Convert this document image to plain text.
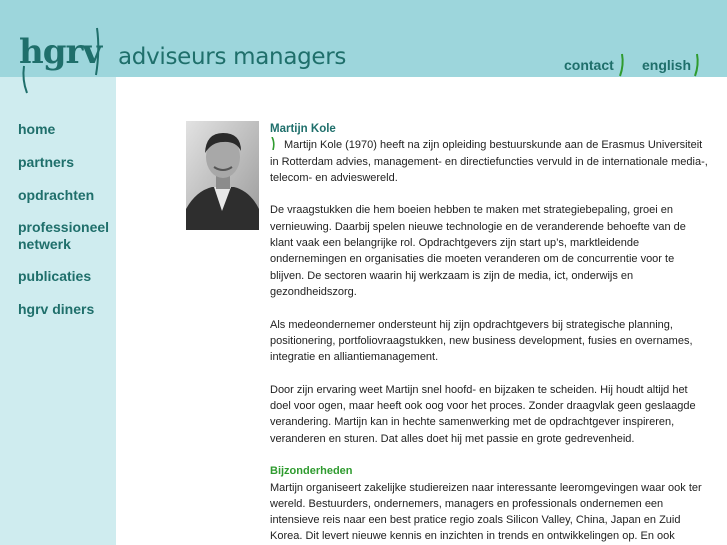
hgrv adviseurs managers	contact english
home
partners
opdrachten
professioneel netwerk
publicaties
hgrv diners
Martijn Kole

Martijn Kole (1970) heeft na zijn opleiding bestuurskunde aan de Erasmus Universiteit in Rotterdam advies, management- en directiefuncties vervuld in de internationale media-, telecom- en advieswereld.

De vraagstukken die hem boeien hebben te maken met strategiebepaling, groei en vernieuwing. Daarbij spelen nieuwe technologie en de veranderende behoefte van de klant vaak een belangrijke rol. Opdrachtgevers zijn start up’s, marktleidende ondernemingen en organisaties die moeten veranderen om de concurrentie voor te blijven. De sectoren waarin hij werkzaam is zijn de media, ict, onderwijs en gezondheidszorg.

Als medeondernemer ondersteunt hij zijn opdrachtgevers bij strategische planning, positionering, portfoliovraagstukken, new business development, fusies en overnames, integratie en alliantiemanagement.

Door zijn ervaring weet Martijn snel hoofd- en bijzaken te scheiden. Hij houdt altijd het doel voor ogen, maar heeft ook oog voor het proces. Zonder draagvlak geen geslaagde verandering. Martijn kan in hechte samenwerking met de opdrachtgever inspireren, veranderen en sturen. Dat alles doet hij met passie en grote gedrevenheid.

Bijzonderheden

Martijn organiseert zakelijke studiereizen naar interessante leeromgevingen waar ook ter wereld. Bestuurders, ondernemers, managers en professionals ondernemen een intensieve reis naar een best pratice regio zoals Silicon Valley, China, Japan en Zuid Korea. Dit levert nieuwe kennis en inzichten in trends en ontwikkelingen op. En ook
